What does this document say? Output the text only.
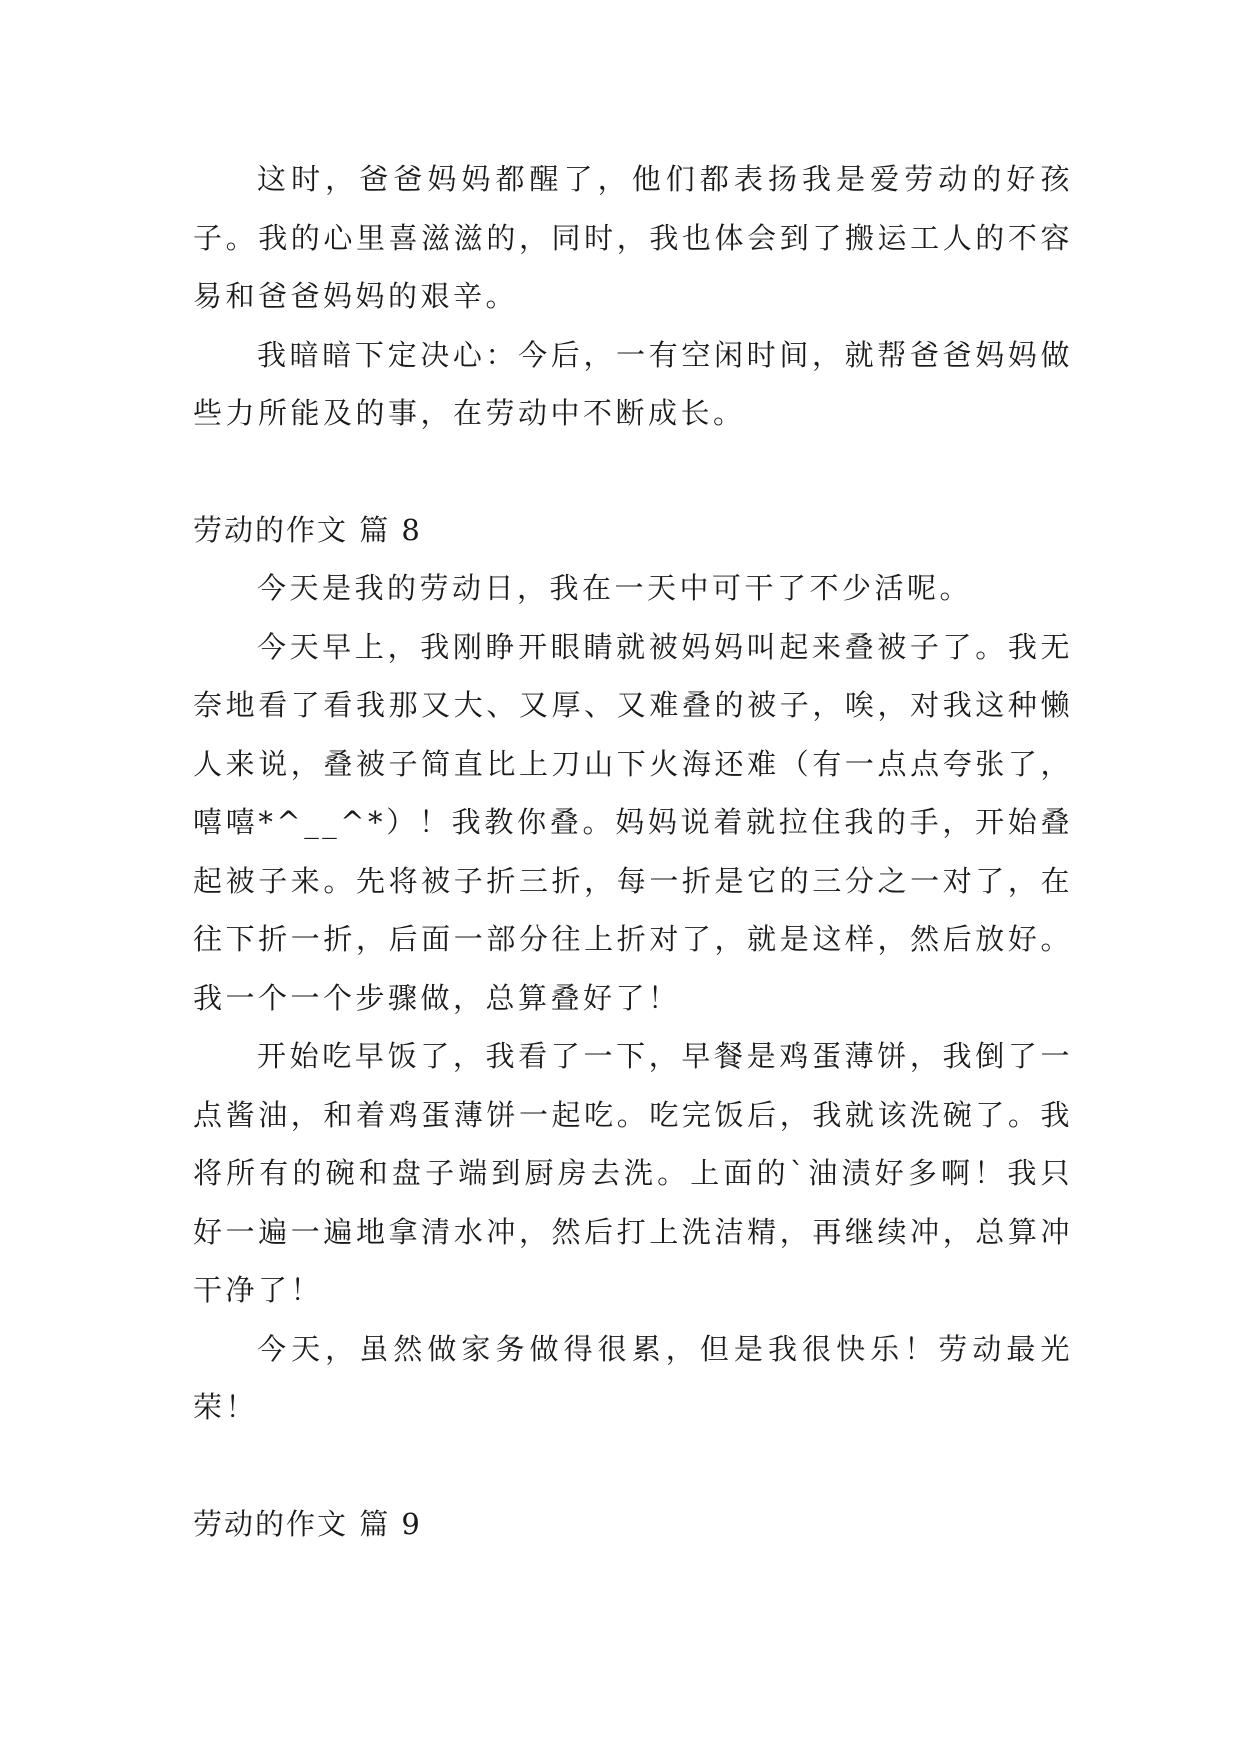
这时，爸爸妈妈都醒了，他们都表扬我是爱劳动的好孩子。我的心里喜滋滋的，同时，我也体会到了搬运工人的不容易和爸爸妈妈的艰辛。

我暗暗下定决心：今后，一有空闲时间，就帮爸爸妈妈做些力所能及的事，在劳动中不断成长。

劳动的作文 篇 8

今天是我的劳动日，我在一天中可干了不少活呢。

今天早上，我刚睁开眼睛就被妈妈叫起来叠被子了。我无奈地看了看我那又大、又厚、又难叠的被子，唉，对我这种懒人来说，叠被子简直比上刀山下火海还难（有一点点夸张了，嘻嘻*^__^*）！我教你叠。妈妈说着就拉住我的手，开始叠起被子来。先将被子折三折，每一折是它的三分之一对了，在往下折一折，后面一部分往上折对了，就是这样，然后放好。我一个一个步骤做，总算叠好了！

开始吃早饭了，我看了一下，早餐是鸡蛋薄饼，我倒了一点酱油，和着鸡蛋薄饼一起吃。吃完饭后，我就该洗碗了。我将所有的碗和盘子端到厨房去洗。上面的`油渍好多啊！我只好一遍一遍地拿清水冲，然后打上洗洁精，再继续冲，总算冲干净了！

今天，虽然做家务做得很累，但是我很快乐！劳动最光荣！

劳动的作文 篇 9
